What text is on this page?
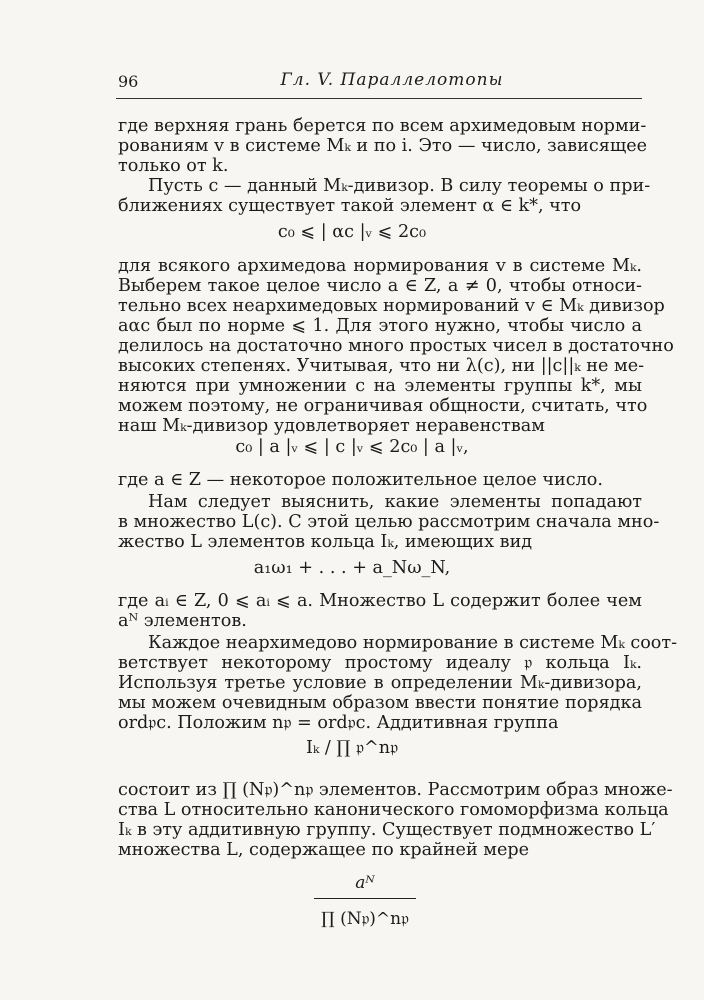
96	Гл. V. Параллелотопы
где верхняя грань берется по всем архимедовым норми-
рованиям v в системе Mₖ и по i. Это — число, зависящее
только от k.
Пусть c — данный Mₖ-дивизор. В силу теоремы о при-
ближениях существует такой элемент α ∈ k*, что
c₀ ⩽ | αc |ᵥ ⩽ 2c₀
для всякого архимедова нормирования v в системе Mₖ.
Выберем такое целое число a ∈ Z, a ≠ 0, чтобы относи-
тельно всех неархимедовых нормирований v ∈ Mₖ дивизор
aαc был по норме ⩽ 1. Для этого нужно, чтобы число a
делилось на достаточно много простых чисел в достаточно
высоких степенях. Учитывая, что ни λ(c), ни ||c||ₖ не ме-
няются при умножении c на элементы группы k*, мы
можем поэтому, не ограничивая общности, считать, что
наш Mₖ-дивизор удовлетворяет неравенствам
c₀ | a |ᵥ ⩽ | c |ᵥ ⩽ 2c₀ | a |ᵥ,
где a ∈ Z — некоторое положительное целое число.
Нам следует выяснить, какие элементы попадают
в множество L(c). С этой целью рассмотрим сначала мно-
жество L элементов кольца Iₖ, имеющих вид
a₁ω₁ + . . . + a_Nω_N,
где aᵢ ∈ Z, 0 ⩽ aᵢ ⩽ a. Множество L содержит более чем
aᴺ элементов.
Каждое неархимедово нормирование в системе Mₖ соот-
ветствует некоторому простому идеалу 𝔭 кольца Iₖ.
Используя третье условие в определении Mₖ-дивизора,
мы можем очевидным образом ввести понятие порядка
ord𝔭c. Положим n𝔭 = ord𝔭c. Аддитивная группа
Iₖ / ∏ 𝔭^n𝔭
состоит из ∏ (N𝔭)^n𝔭 элементов. Рассмотрим образ множе-
ства L относительно канонического гомоморфизма кольца
Iₖ в эту аддитивную группу. Существует подмножество L′
множества L, содержащее по крайней мере
aᴺ
∏ (N𝔭)^n𝔭
